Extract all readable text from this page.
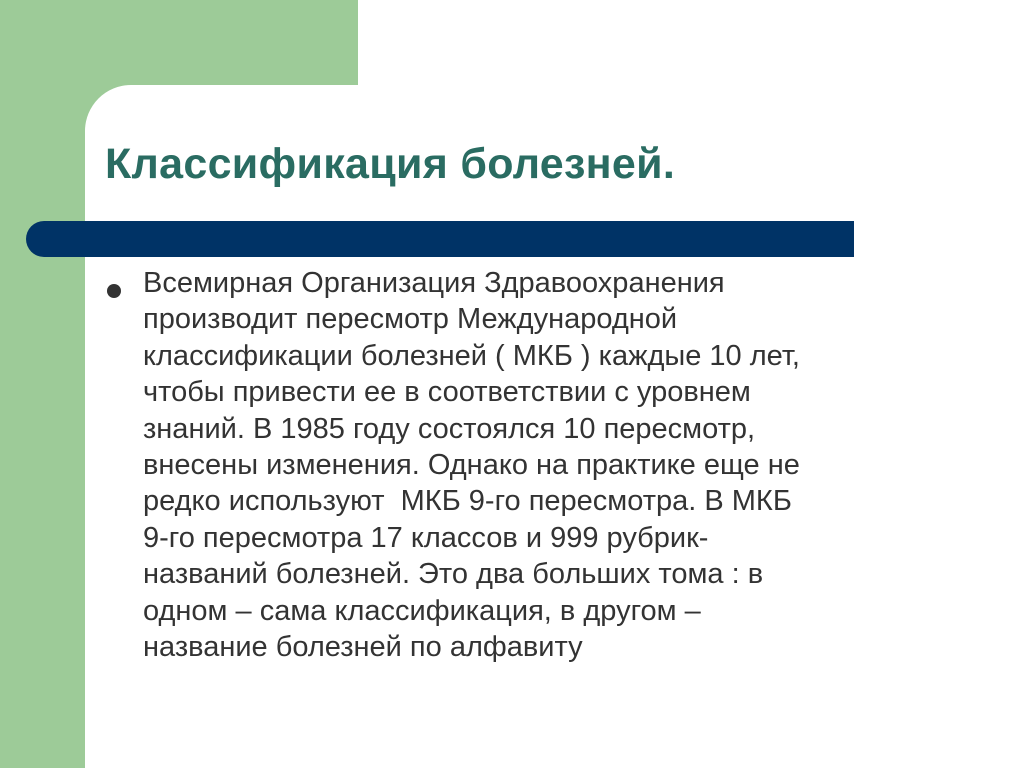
Классификация болезней.

Всемирная Организация Здравоохранения
производит пересмотр Международной
классификации болезней ( МКБ ) каждые 10 лет,
чтобы привести ее в соответствии с уровнем
знаний. В 1985 году состоялся 10 пересмотр,
внесены изменения. Однако на практике еще не
редко используют  МКБ 9-го пересмотра. В МКБ
9-го пересмотра 17 классов и 999 рубрик-
названий болезней. Это два больших тома : в
одном – сама классификация, в другом –
название болезней по алфавиту
